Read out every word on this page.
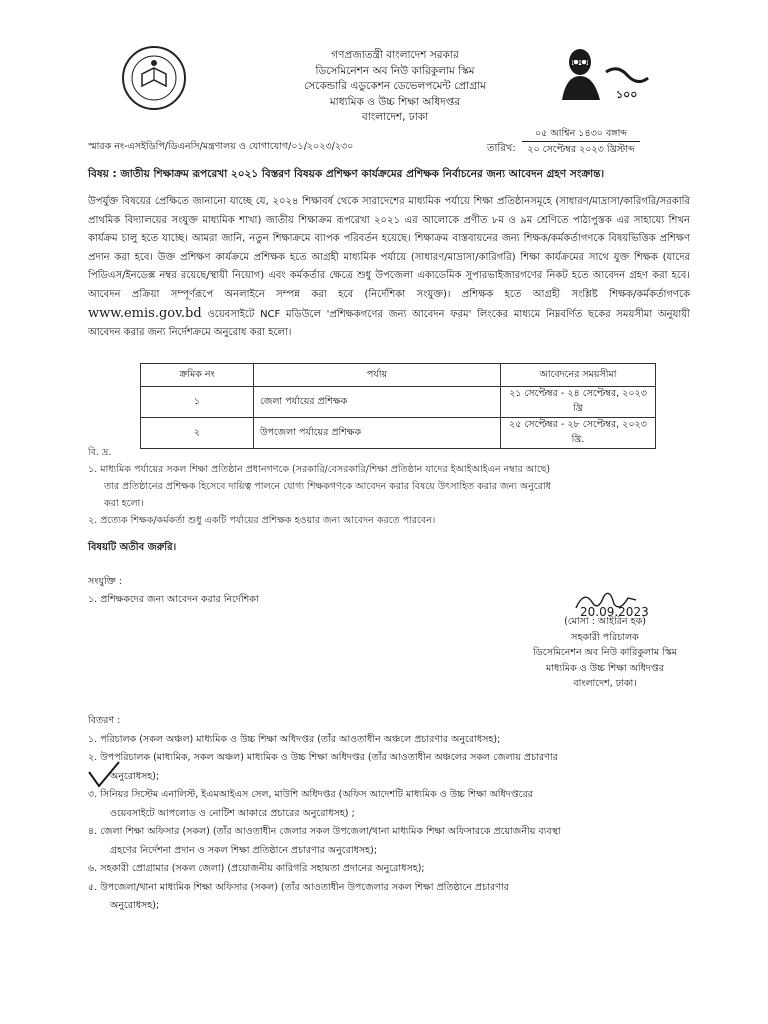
১০০
গণপ্রজাতন্ত্রী বাংলাদেশ সরকার
ডিসেমিনেশন অব নিউ কারিকুলাম স্কিম
সেকেন্ডারি এডুকেশন ডেভেলপমেন্ট প্রোগ্রাম
মাধ্যমিক ও উচ্চ শিক্ষা অধিদপ্তর
বাংলাদেশ, ঢাকা
স্মারক নং-এসইডিপি/ডিএনসি/মন্ত্রণালয় ও যোগাযোগ/০১/২০২৩/২৩০	তারিখ:
০৫ আশ্বিন ১৪৩০ বঙ্গাব্দ
২০ সেপ্টেম্বর ২০২৩ খ্রিস্টাব্দ
বিষয় : জাতীয় শিক্ষাক্রম রূপরেখা ২০২১ বিস্তরণ বিষয়ক প্রশিক্ষণ কার্যক্রমের প্রশিক্ষক নির্বাচনের জন্য আবেদন গ্রহণ সংক্রান্ত।
উপর্যুক্ত বিষয়ের প্রেক্ষিতে জানানো যাচ্ছে যে, ২০২৪ শিক্ষাবর্ষ থেকে সারাদেশের মাধ্যমিক পর্যায়ে শিক্ষা প্রতিষ্ঠানসমূহে (সাধারণ/মাদ্রাসা/কারিগরি/সরকারি প্রাথমিক বিদ্যালয়ের সংযুক্ত মাধ্যমিক শাখা) জাতীয় শিক্ষাক্রম রূপরেখা ২০২১ এর আলোকে প্রণীত ৮ম ও ৯ম শ্রেণিতে পাঠ্যপুস্তক এর সাহায্যে শিখন কার্যক্রম চালু হতে যাচ্ছে। আমরা জানি, নতুন শিক্ষাক্রমে ব্যাপক পরিবর্তন হয়েছে। শিক্ষাক্রম বাস্তবায়নের জন্য শিক্ষক/কর্মকর্তাগণকে বিষয়ভিত্তিক প্রশিক্ষণ প্রদান করা হবে। উক্ত প্রশিক্ষণ কার্যক্রমে প্রশিক্ষক হতে আগ্রহী মাধ্যমিক পর্যায়ে (সাধারণ/মাদ্রাসা/কারিগরি) শিক্ষা কার্যক্রমের সাথে যুক্ত শিক্ষক (যাদের পিডিএস/ইনডেক্স নম্বর রয়েছে/স্থায়ী নিয়োগ) এবং কর্মকর্তার ক্ষেত্রে শুধু উপজেলা একাডেমিক সুপারভাইজারগণের নিকট হতে আবেদন গ্রহণ করা হবে। আবেদন প্রক্রিয়া সম্পূর্ণরূপে অনলাইনে সম্পন্ন করা হবে (নির্দেশিকা সংযুক্ত)। প্রশিক্ষক হতে আগ্রহী সংশ্লিষ্ট শিক্ষক/কর্মকর্তাগণকে www.emis.gov.bd ওয়েবসাইটে NCF মডিউলে 'প্রশিক্ষকগণের জন্য আবেদন ফরম' লিংকের মাধ্যমে নিম্নবর্ণিত ছকের সময়সীমা অনুযায়ী আবেদন করার জন্য নির্দেশক্রমে অনুরোধ করা হলো।
ক্রমিক নং	পর্যায়	আবেদনের সময়সীমা
১	জেলা পর্যায়ের প্রশিক্ষক	২১ সেপ্টেম্বর - ২৪ সেপ্টেম্বর, ২০২৩ খ্রি
২	উপজেলা পর্যায়ের প্রশিক্ষক	২৫ সেপ্টেম্বর - ২৮ সেপ্টেম্বর, ২০২৩ খ্রি.
বি. দ্র.
১. মাধ্যমিক পর্যায়ের সকল শিক্ষা প্রতিষ্ঠান প্রধানগণকে (সরকারি/বেসরকারি/শিক্ষা প্রতিষ্ঠান যাদের ইআইআইএন নম্বার আছে)
তার প্রতিষ্ঠানের প্রশিক্ষক হিসেবে দায়িত্ব পালনে যোগ্য শিক্ষকগণকে আবেদন করার বিষয়ে উৎসাহিত করার জন্য অনুরোধ
করা হলো।
২. প্রত্যেক শিক্ষক/কর্মকর্তা শুধু একটি পর্যায়ের প্রশিক্ষক হওয়ার জন্য আবেদন করতে পারবেন।
বিষয়টি অতীব জরুরি।
সংযুক্তি :
১. প্রশিক্ষকদের জন্য আবেদন করার নির্দেশিকা
20.09.2023
(মোসা : আইরিন হক)
সহকারী পরিচালক
ডিসেমিনেশন অব নিউ কারিকুলাম স্কিম
মাধ্যমিক ও উচ্চ শিক্ষা অধিদপ্তর
বাংলাদেশ, ঢাকা।
বিতরণ :
১. পরিচালক (সকল অঞ্চল) মাধ্যমিক ও উচ্চ শিক্ষা অধিদপ্তর (তাঁর আওতাধীন অঞ্চলে প্রচারণার অনুরোধসহ);
২. উপপরিচালক (মাধ্যমিক, সকল অঞ্চল) মাধ্যমিক ও উচ্চ শিক্ষা অধিদপ্তর (তাঁর আওতাধীন অঞ্চলের সকল জেলায় প্রচারণার
অনুরোধসহ);
৩. সিনিয়র সিস্টেম এনালিস্ট, ইএমআইএস সেল, মাউশি অধিদপ্তর (অফিস আদেশটি মাধ্যমিক ও উচ্চ শিক্ষা অধিদপ্তরের
ওয়েবসাইটে আপলোড ও নোটিশ আকারে প্রচারের অনুরোধসহ) ;
৪. জেলা শিক্ষা অফিসার (সকল) (তাঁর আওতাধীন জেলার সকল উপজেলা/থানা মাধ্যমিক শিক্ষা অফিসারকে প্রয়োজনীয় ব্যবস্থা
গ্রহণের নির্দেশনা প্রদান ও সকল শিক্ষা প্রতিষ্ঠানে প্রচারণার অনুরোধসহ);
৬. সহকারী প্রোগ্রামার (সকল জেলা) (প্রয়োজনীয় কারিগরি সহায়তা প্রদানের অনুরোধসহ);
৫. উপজেলা/থানা মাধ্যমিক শিক্ষা অফিসার (সকল) (তাঁর আওতাধীন উপজেলার সকল শিক্ষা প্রতিষ্ঠানে প্রচারণার
অনুরোধসহ);
